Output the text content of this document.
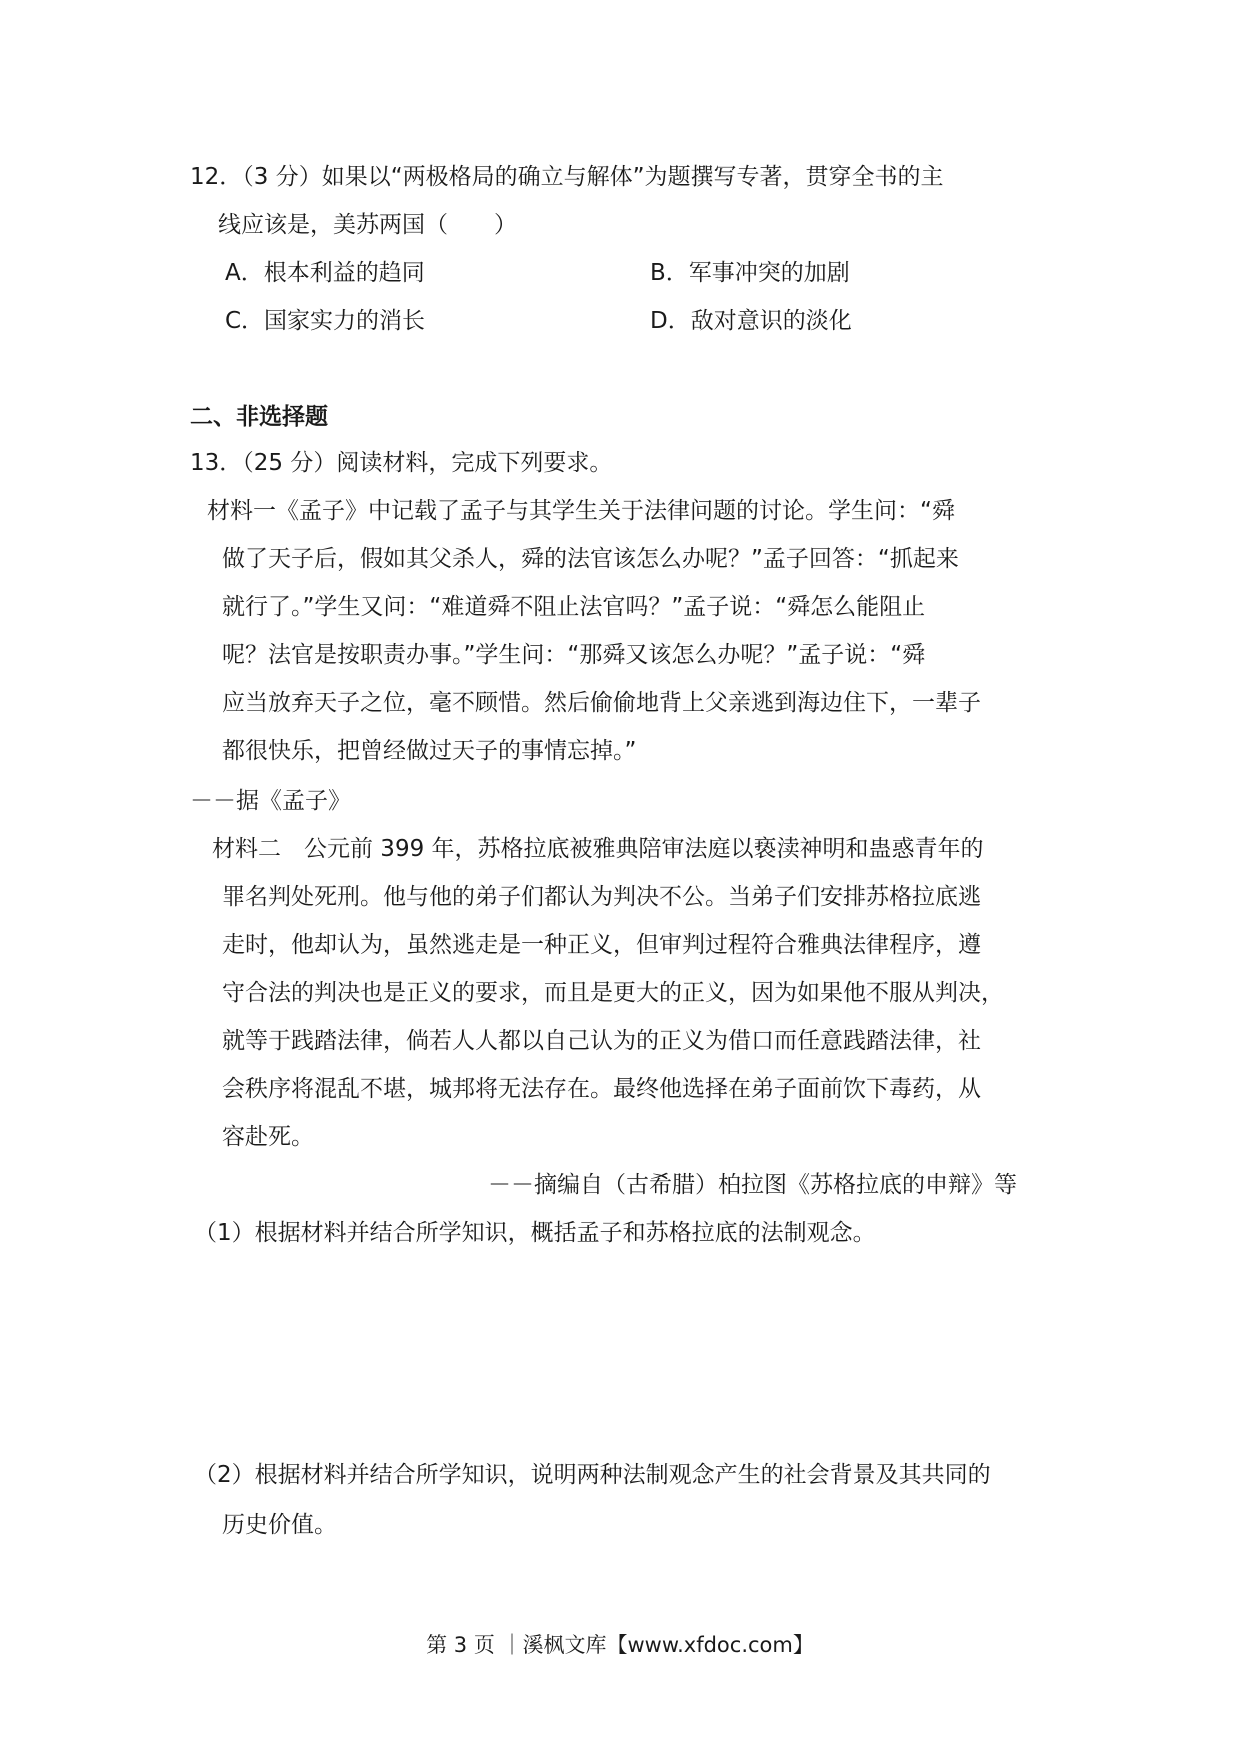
12．（3 分）如果以“两极格局的确立与解体”为题撰写专著，贯穿全书的主
线应该是，美苏两国（　　）
A．根本利益的趋同	B．军事冲突的加剧
C．国家实力的消长	D．敌对意识的淡化
二、非选择题
13．（25 分）阅读材料，完成下列要求。
材料一《孟子》中记载了孟子与其学生关于法律问题的讨论。学生问：“舜
做了天子后，假如其父杀人，舜的法官该怎么办呢？”孟子回答：“抓起来
就行了。”学生又问：“难道舜不阻止法官吗？”孟子说：“舜怎么能阻止
呢？法官是按职责办事。”学生问：“那舜又该怎么办呢？”孟子说：“舜
应当放弃天子之位，毫不顾惜。然后偷偷地背上父亲逃到海边住下，一辈子
都很快乐，把曾经做过天子的事情忘掉。”
－－据《孟子》
材料二　公元前 399 年，苏格拉底被雅典陪审法庭以亵渎神明和蛊惑青年的
罪名判处死刑。他与他的弟子们都认为判决不公。当弟子们安排苏格拉底逃
走时，他却认为，虽然逃走是一种正义，但审判过程符合雅典法律程序，遵
守合法的判决也是正义的要求，而且是更大的正义，因为如果他不服从判决，
就等于践踏法律，倘若人人都以自己认为的正义为借口而任意践踏法律，社
会秩序将混乱不堪，城邦将无法存在。最终他选择在弟子面前饮下毒药，从
容赴死。
－－摘编自（古希腊）柏拉图《苏格拉底的申辩》等
（1）根据材料并结合所学知识，概括孟子和苏格拉底的法制观念。
（2）根据材料并结合所学知识，说明两种法制观念产生的社会背景及其共同的
历史价值。
第 3 页 ｜溪枫文库【www.xfdoc.com】
